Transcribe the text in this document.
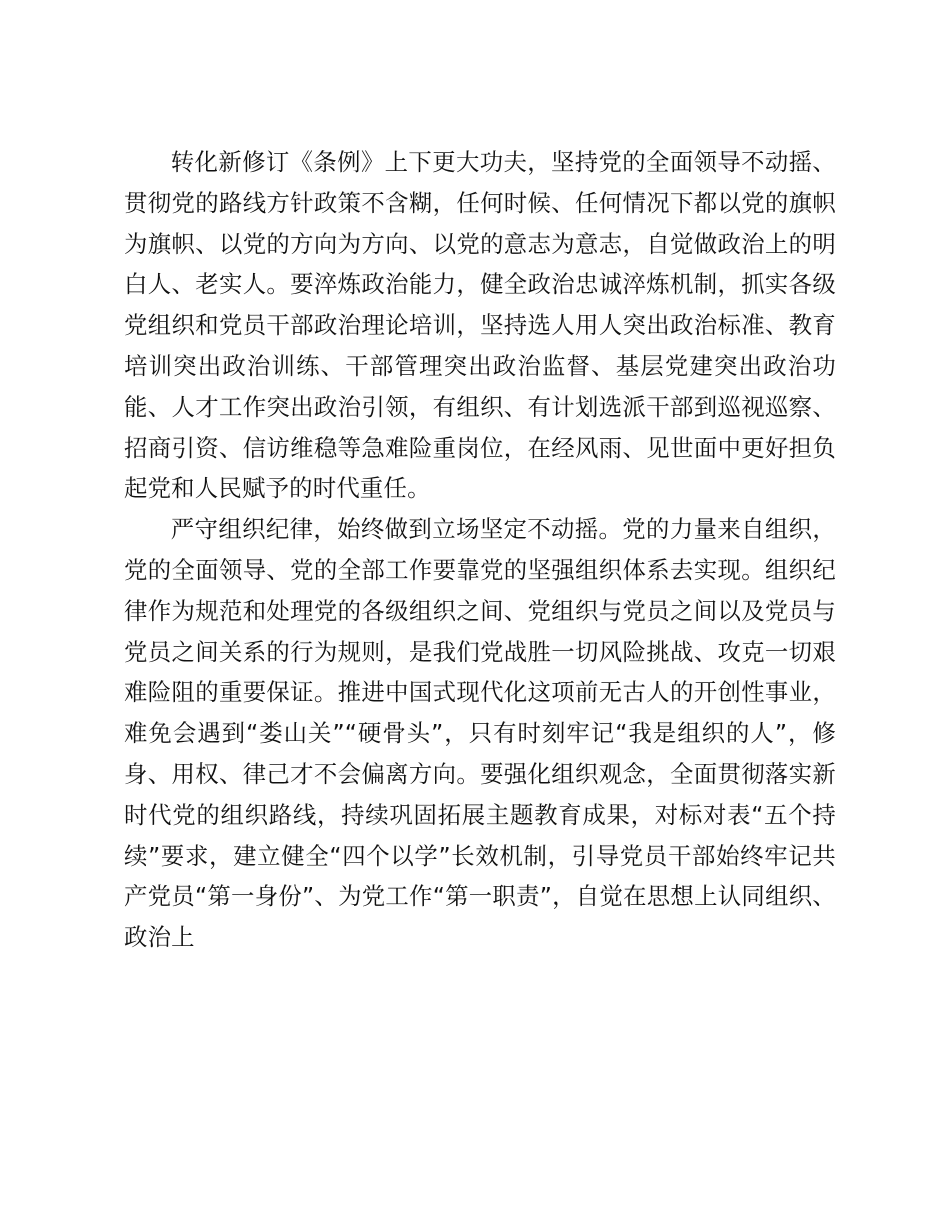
转化新修订《条例》上下更大功夫，坚持党的全面领导不动摇、贯彻党的路线方针政策不含糊，任何时候、任何情况下都以党的旗帜为旗帜、以党的方向为方向、以党的意志为意志，自觉做政治上的明白人、老实人。要淬炼政治能力，健全政治忠诚淬炼机制，抓实各级党组织和党员干部政治理论培训，坚持选人用人突出政治标准、教育培训突出政治训练、干部管理突出政治监督、基层党建突出政治功能、人才工作突出政治引领，有组织、有计划选派干部到巡视巡察、招商引资、信访维稳等急难险重岗位，在经风雨、见世面中更好担负起党和人民赋予的时代重任。

严守组织纪律，始终做到立场坚定不动摇。党的力量来自组织，党的全面领导、党的全部工作要靠党的坚强组织体系去实现。组织纪律作为规范和处理党的各级组织之间、党组织与党员之间以及党员与党员之间关系的行为规则，是我们党战胜一切风险挑战、攻克一切艰难险阻的重要保证。推进中国式现代化这项前无古人的开创性事业，难免会遇到“娄山关”“硬骨头”，只有时刻牢记“我是组织的人”，修身、用权、律己才不会偏离方向。要强化组织观念，全面贯彻落实新时代党的组织路线，持续巩固拓展主题教育成果，对标对表“五个持续”要求，建立健全“四个以学”长效机制，引导党员干部始终牢记共产党员“第一身份”、为党工作“第一职责”，自觉在思想上认同组织、政治上
